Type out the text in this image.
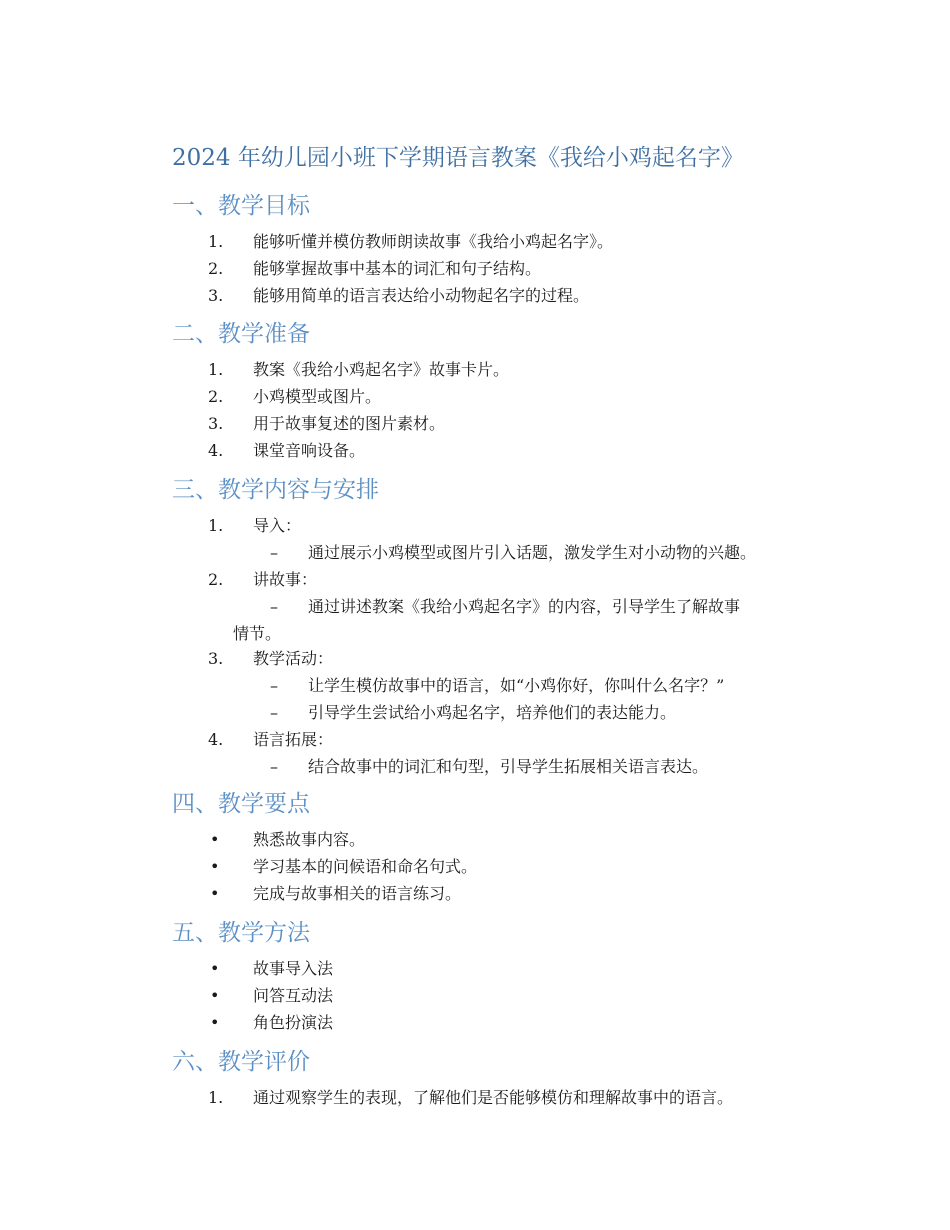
2024 年幼儿园小班下学期语言教案《我给小鸡起名字》
一、教学目标
1. 能够听懂并模仿教师朗读故事《我给小鸡起名字》。
2. 能够掌握故事中基本的词汇和句子结构。
3. 能够用简单的语言表达给小动物起名字的过程。
二、教学准备
1. 教案《我给小鸡起名字》故事卡片。
2. 小鸡模型或图片。
3. 用于故事复述的图片素材。
4. 课堂音响设备。
三、教学内容与安排
1. 导入：
– 通过展示小鸡模型或图片引入话题，激发学生对小动物的兴趣。
2. 讲故事：
– 通过讲述教案《我给小鸡起名字》的内容，引导学生了解故事
情节。
3. 教学活动：
– 让学生模仿故事中的语言，如“小鸡你好，你叫什么名字？”
– 引导学生尝试给小鸡起名字，培养他们的表达能力。
4. 语言拓展：
– 结合故事中的词汇和句型，引导学生拓展相关语言表达。
四、教学要点
• 熟悉故事内容。
• 学习基本的问候语和命名句式。
• 完成与故事相关的语言练习。
五、教学方法
• 故事导入法
• 问答互动法
• 角色扮演法
六、教学评价
1. 通过观察学生的表现，了解他们是否能够模仿和理解故事中的语言。
